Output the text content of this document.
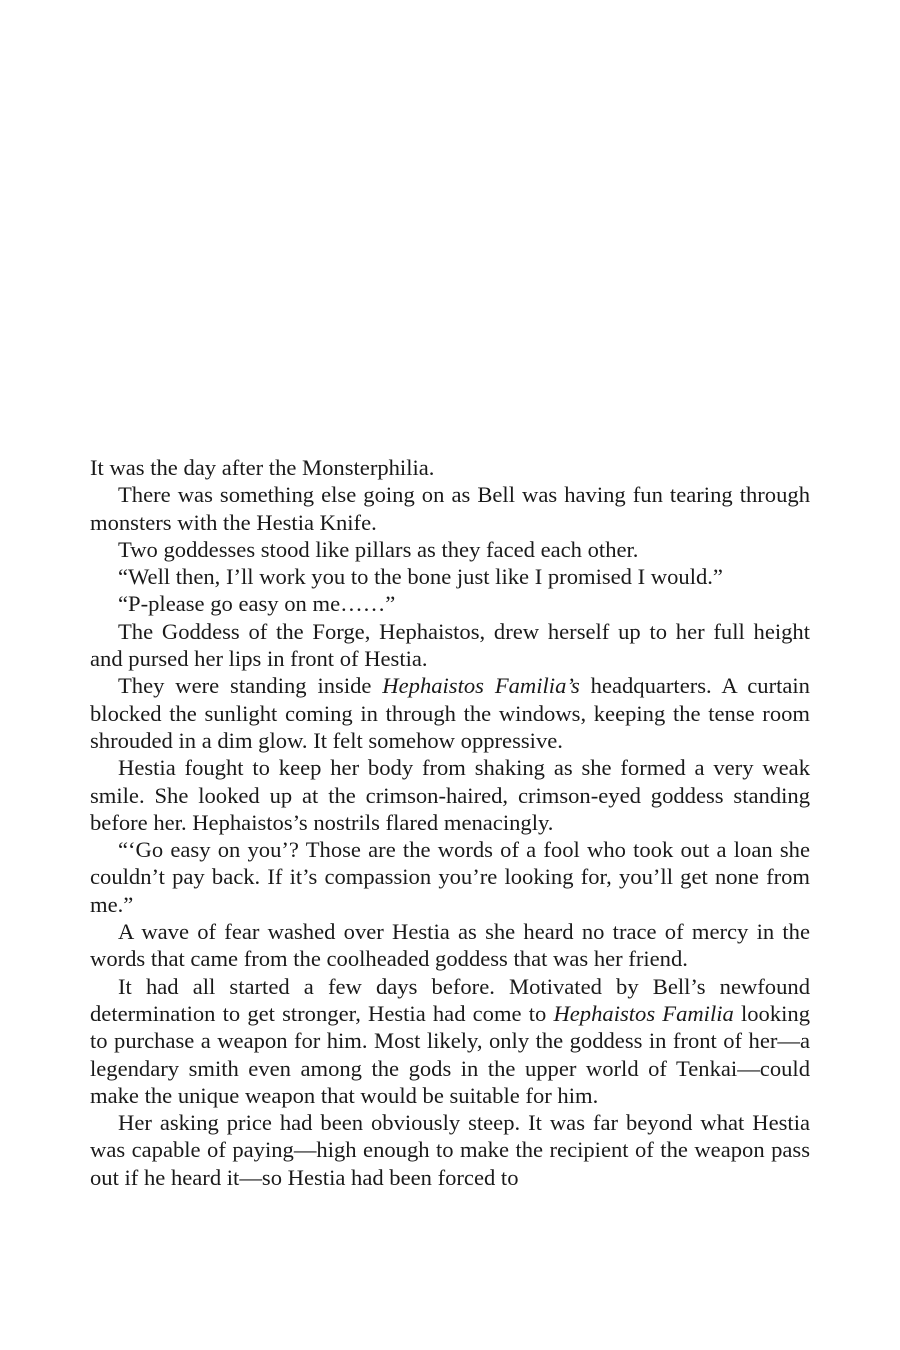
It was the day after the Monsterphilia.

There was something else going on as Bell was having fun tearing through monsters with the Hestia Knife.

Two goddesses stood like pillars as they faced each other.

“Well then, I’ll work you to the bone just like I promised I would.”

“P-please go easy on me……”

The Goddess of the Forge, Hephaistos, drew herself up to her full height and pursed her lips in front of Hestia.

They were standing inside Hephaistos Familia’s headquarters. A curtain blocked the sunlight coming in through the windows, keeping the tense room shrouded in a dim glow. It felt somehow oppressive.

Hestia fought to keep her body from shaking as she formed a very weak smile. She looked up at the crimson-haired, crimson-eyed goddess standing before her. Hephaistos’s nostrils flared menacingly.

“‘Go easy on you’? Those are the words of a fool who took out a loan she couldn’t pay back. If it’s compassion you’re looking for, you’ll get none from me.”

A wave of fear washed over Hestia as she heard no trace of mercy in the words that came from the coolheaded goddess that was her friend.

It had all started a few days before. Motivated by Bell’s newfound determination to get stronger, Hestia had come to Hephaistos Familia looking to purchase a weapon for him. Most likely, only the goddess in front of her—a legendary smith even among the gods in the upper world of Tenkai—could make the unique weapon that would be suitable for him.

Her asking price had been obviously steep. It was far beyond what Hestia was capable of paying—high enough to make the recipient of the weapon pass out if he heard it—so Hestia had been forced to
